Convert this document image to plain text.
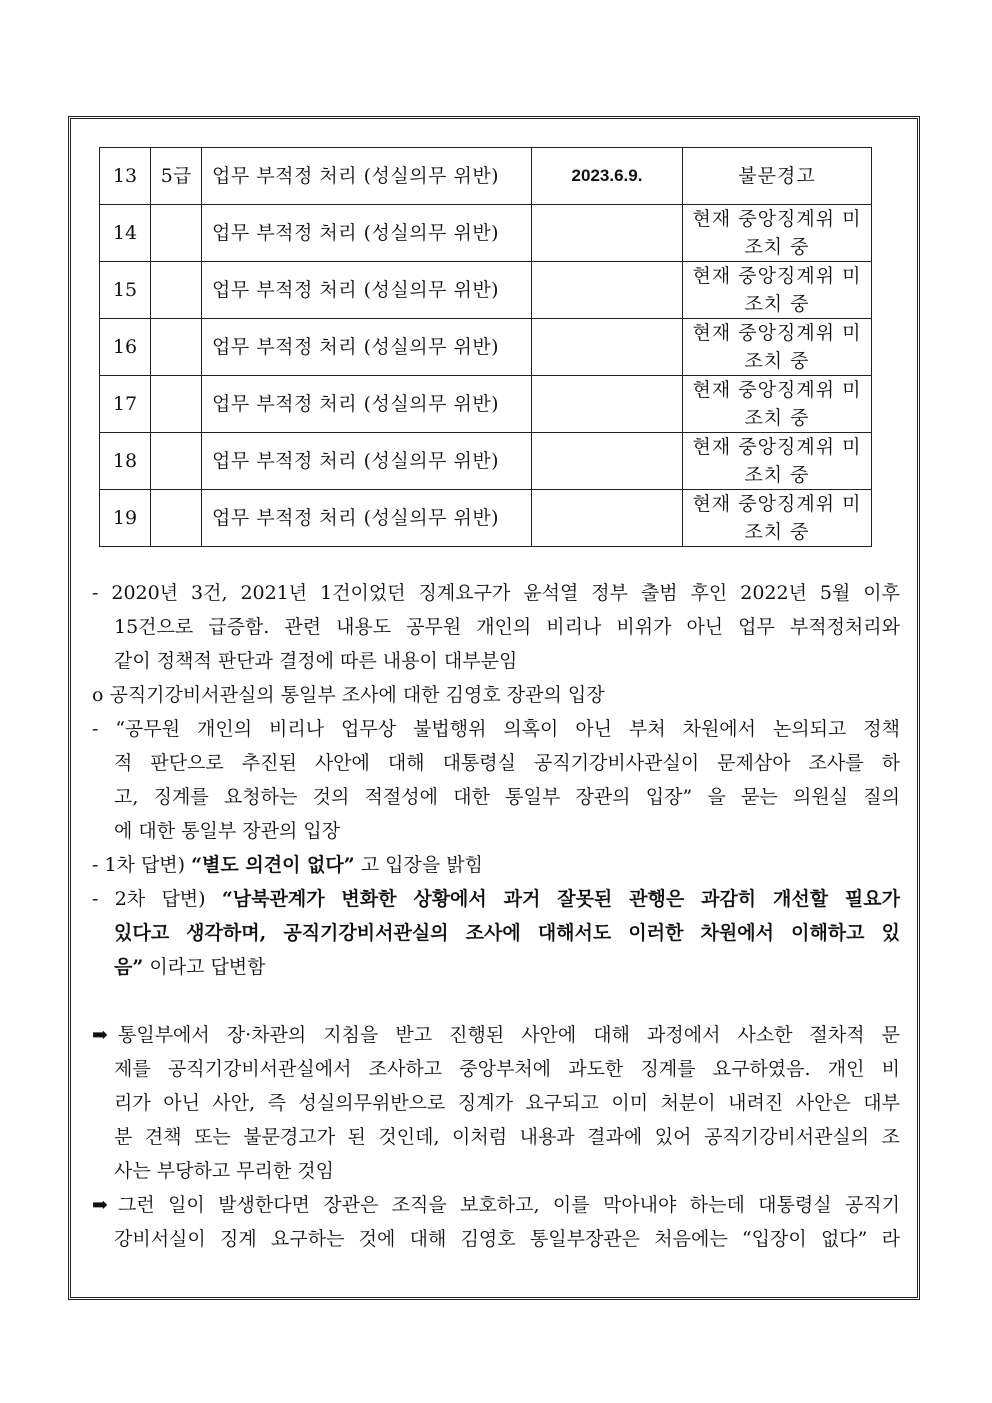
13	5급	업무 부적정 처리 (성실의무 위반)	2023.6.9.	불문경고
14		업무 부적정 처리 (성실의무 위반)		현재 중앙징계위 미조치 중
15		업무 부적정 처리 (성실의무 위반)		현재 중앙징계위 미조치 중
16		업무 부적정 처리 (성실의무 위반)		현재 중앙징계위 미조치 중
17		업무 부적정 처리 (성실의무 위반)		현재 중앙징계위 미조치 중
18		업무 부적정 처리 (성실의무 위반)		현재 중앙징계위 미조치 중
19		업무 부적정 처리 (성실의무 위반)		현재 중앙징계위 미조치 중
- 2020년 3건, 2021년 1건이었던 징계요구가 윤석열 정부 출범 후인 2022년 5월 이후
15건으로 급증함. 관련 내용도 공무원 개인의 비리나 비위가 아닌 업무 부적정처리와
같이 정책적 판단과 결정에 따른 내용이 대부분임
o 공직기강비서관실의 통일부 조사에 대한 김영호 장관의 입장
- “공무원 개인의 비리나 업무상 불법행위 의혹이 아닌 부처 차원에서 논의되고 정책
적 판단으로 추진된 사안에 대해 대통령실 공직기강비사관실이 문제삼아 조사를 하
고, 징계를 요청하는 것의 적절성에 대한 통일부 장관의 입장” 을 묻는 의원실 질의
에 대한 통일부 장관의 입장
- 1차 답변) “별도 의견이 없다” 고 입장을 밝힘
- 2차 답변) “남북관계가 변화한 상황에서 과거 잘못된 관행은 과감히 개선할 필요가
있다고 생각하며, 공직기강비서관실의 조사에 대해서도 이러한 차원에서 이해하고 있
음” 이라고 답변함
➡ 통일부에서 장·차관의 지침을 받고 진행된 사안에 대해 과정에서 사소한 절차적 문
제를 공직기강비서관실에서 조사하고 중앙부처에 과도한 징계를 요구하였음. 개인 비
리가 아닌 사안, 즉 성실의무위반으로 징계가 요구되고 이미 처분이 내려진 사안은 대부
분 견책 또는 불문경고가 된 것인데, 이처럼 내용과 결과에 있어 공직기강비서관실의 조
사는 부당하고 무리한 것임
➡ 그런 일이 발생한다면 장관은 조직을 보호하고, 이를 막아내야 하는데 대통령실 공직기
강비서실이 징계 요구하는 것에 대해 김영호 통일부장관은 처음에는 “입장이 없다” 라
